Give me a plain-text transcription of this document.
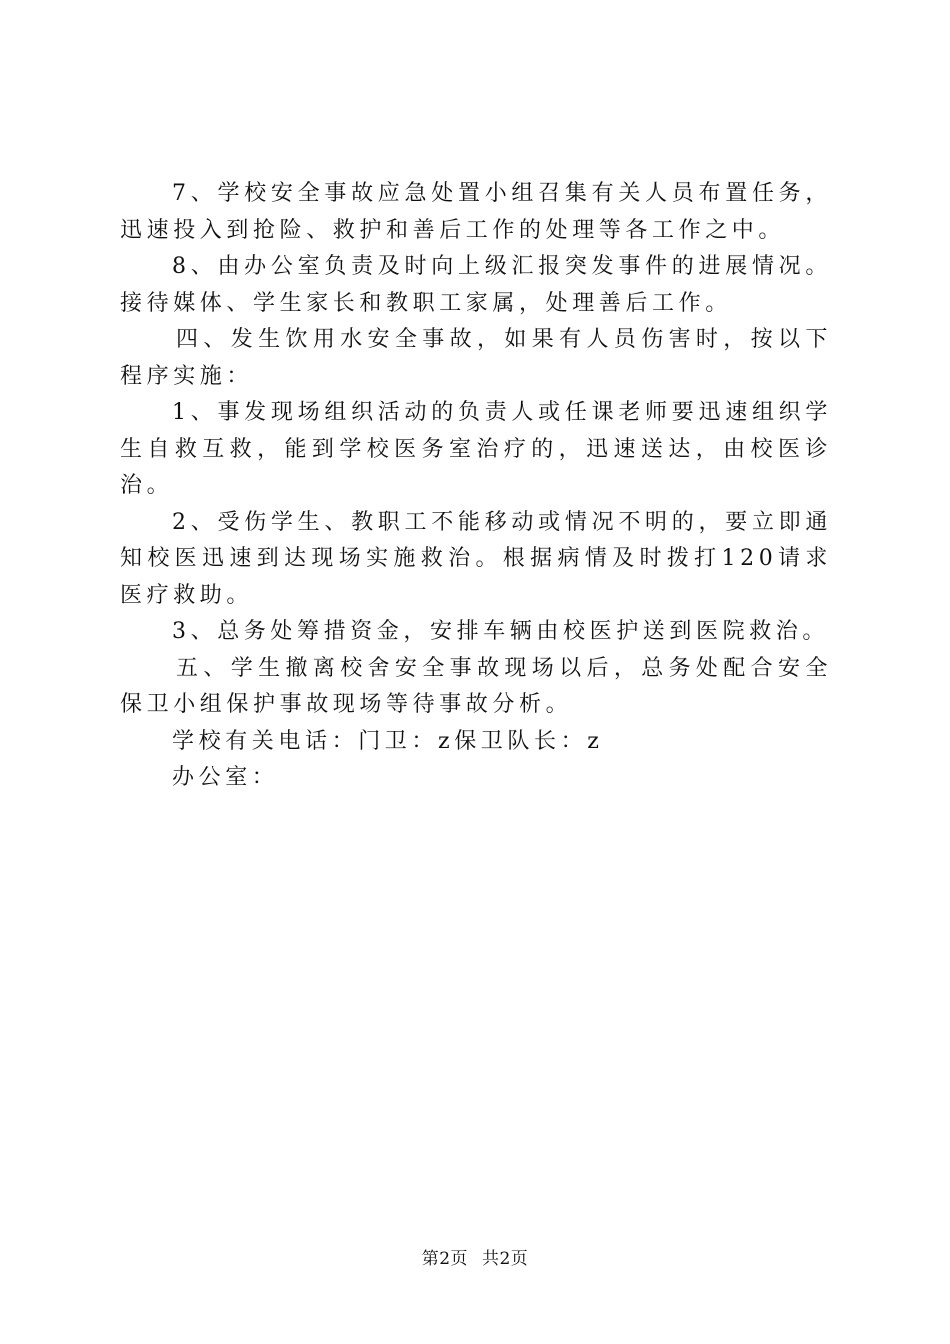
7、学校安全事故应急处置小组召集有关人员布置任务，迅速投入到抢险、救护和善后工作的处理等各工作之中。

8、由办公室负责及时向上级汇报突发事件的进展情况。接待媒体、学生家长和教职工家属，处理善后工作。

四、发生饮用水安全事故，如果有人员伤害时，按以下程序实施：

1、事发现场组织活动的负责人或任课老师要迅速组织学生自救互救，能到学校医务室治疗的，迅速送达，由校医诊治。

2、受伤学生、教职工不能移动或情况不明的，要立即通知校医迅速到达现场实施救治。根据病情及时拨打120请求医疗救助。

3、总务处筹措资金，安排车辆由校医护送到医院救治。

五、学生撤离校舍安全事故现场以后，总务处配合安全保卫小组保护事故现场等待事故分析。

学校有关电话：门卫：z保卫队长：z

办公室：

第2页 共2页
